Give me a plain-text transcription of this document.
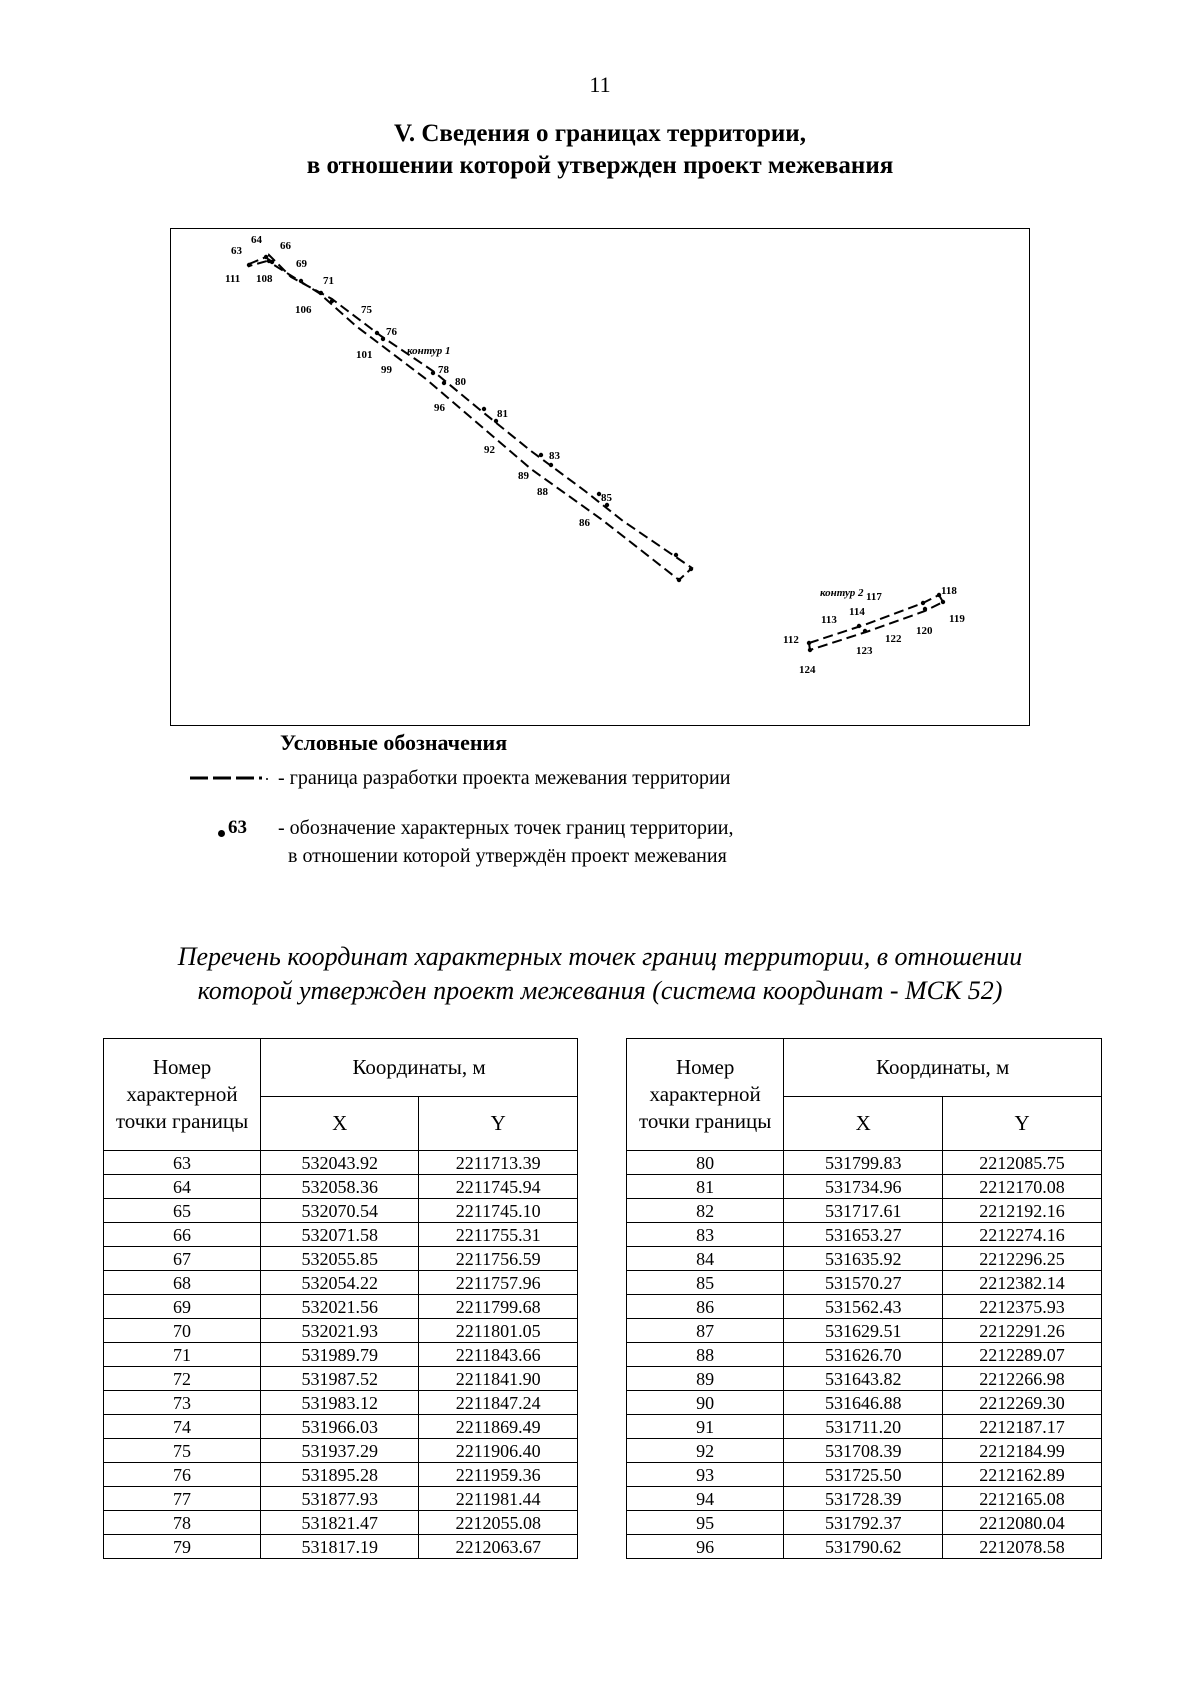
11
V. Сведения о границах территории,
в отношении которой утвержден проект межевания
63
64 66
69
111 108	71
106	75
76
101
99	78
80
96	81
92	83
89
88	85
86
117	118
113
114
120
119
112	122
123
124
контур 1
контур 2
Условные обозначения
- граница разработки проекта межевания территории
63 - обозначение характерных точек границ территории,
в отношении которой утверждён проект межевания
Перечень координат характерных точек границ территории, в отношении
которой утвержден проект межевания (система координат - МСК 52)
Номер характерной точки границы	Координаты, м	
	X	Y
63	532043.92	2211713.39
64	532058.36	2211745.94
65	532070.54	2211745.10
66	532071.58	2211755.31
67	532055.85	2211756.59
68	532054.22	2211757.96
69	532021.56	2211799.68
70	532021.93	2211801.05
71	531989.79	2211843.66
72	531987.52	2211841.90
73	531983.12	2211847.24
74	531966.03	2211869.49
75	531937.29	2211906.40
76	531895.28	2211959.36
77	531877.93	2211981.44
78	531821.47	2212055.08
79	531817.19	2212063.67
Номер характерной точки границы	Координаты, м	
	X	Y
80	531799.83	2212085.75
81	531734.96	2212170.08
82	531717.61	2212192.16
83	531653.27	2212274.16
84	531635.92	2212296.25
85	531570.27	2212382.14
86	531562.43	2212375.93
87	531629.51	2212291.26
88	531626.70	2212289.07
89	531643.82	2212266.98
90	531646.88	2212269.30
91	531711.20	2212187.17
92	531708.39	2212184.99
93	531725.50	2212162.89
94	531728.39	2212165.08
95	531792.37	2212080.04
96	531790.62	2212078.58
